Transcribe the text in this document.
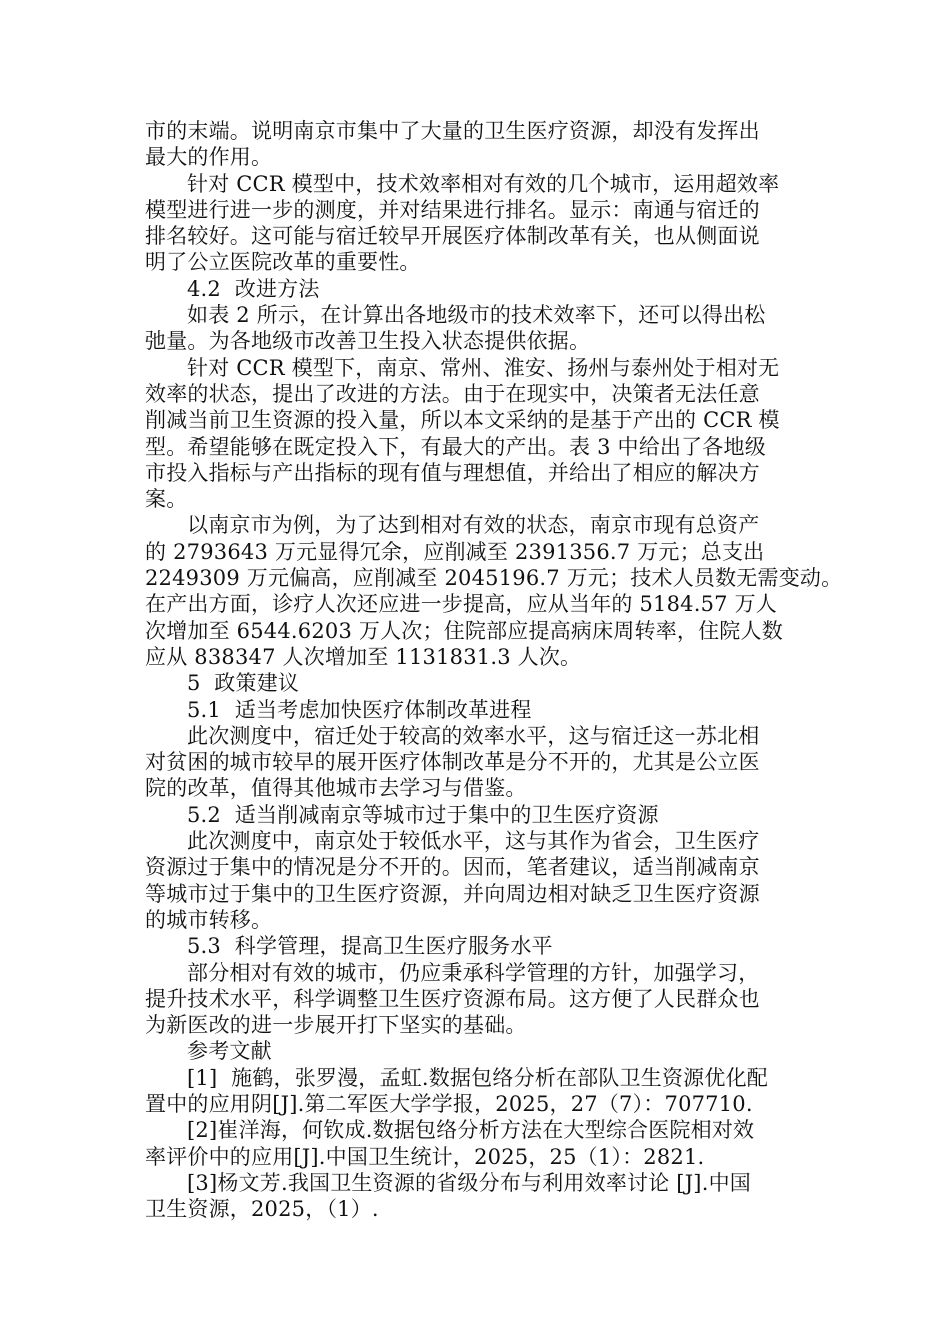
市的末端。说明南京市集中了大量的卫生医疗资源，却没有发挥出
最大的作用。
针对 CCR 模型中，技术效率相对有效的几个城市，运用超效率
模型进行进一步的测度，并对结果进行排名。显示：南通与宿迁的
排名较好。这可能与宿迁较早开展医疗体制改革有关，也从侧面说
明了公立医院改革的重要性。
4.2  改进方法
如表 2 所示，在计算出各地级市的技术效率下，还可以得出松
弛量。为各地级市改善卫生投入状态提供依据。
针对 CCR 模型下，南京、常州、淮安、扬州与泰州处于相对无
效率的状态，提出了改进的方法。由于在现实中，决策者无法任意
削减当前卫生资源的投入量，所以本文采纳的是基于产出的 CCR 模
型。希望能够在既定投入下，有最大的产出。表 3 中给出了各地级
市投入指标与产出指标的现有值与理想值，并给出了相应的解决方
案。
以南京市为例，为了达到相对有效的状态，南京市现有总资产
的 2793643 万元显得冗余，应削减至 2391356.7 万元；总支出
2249309 万元偏高，应削减至 2045196.7 万元；技术人员数无需变动。
在产出方面，诊疗人次还应进一步提高，应从当年的 5184.57 万人
次增加至 6544.6203 万人次；住院部应提高病床周转率，住院人数
应从 838347 人次增加至 1131831.3 人次。
5  政策建议
5.1  适当考虑加快医疗体制改革进程
此次测度中，宿迁处于较高的效率水平，这与宿迁这一苏北相
对贫困的城市较早的展开医疗体制改革是分不开的，尤其是公立医
院的改革，值得其他城市去学习与借鉴。
5.2  适当削减南京等城市过于集中的卫生医疗资源
此次测度中，南京处于较低水平，这与其作为省会，卫生医疗
资源过于集中的情况是分不开的。因而，笔者建议，适当削减南京
等城市过于集中的卫生医疗资源，并向周边相对缺乏卫生医疗资源
的城市转移。
5.3  科学管理，提高卫生医疗服务水平
部分相对有效的城市，仍应秉承科学管理的方针，加强学习，
提升技术水平，科学调整卫生医疗资源布局。这方便了人民群众也
为新医改的进一步展开打下坚实的基础。
参考文献
[1]  施鹤，张罗漫，孟虹.数据包络分析在部队卫生资源优化配
置中的应用阴[J].第二军医大学学报，2025，27（7）：707710.
[2]崔洋海，何钦成.数据包络分析方法在大型综合医院相对效
率评价中的应用[J].中国卫生统计，2025，25（1）：2821.
[3]杨文芳.我国卫生资源的省级分布与利用效率讨论 [J].中国
卫生资源，2025，（1）.
